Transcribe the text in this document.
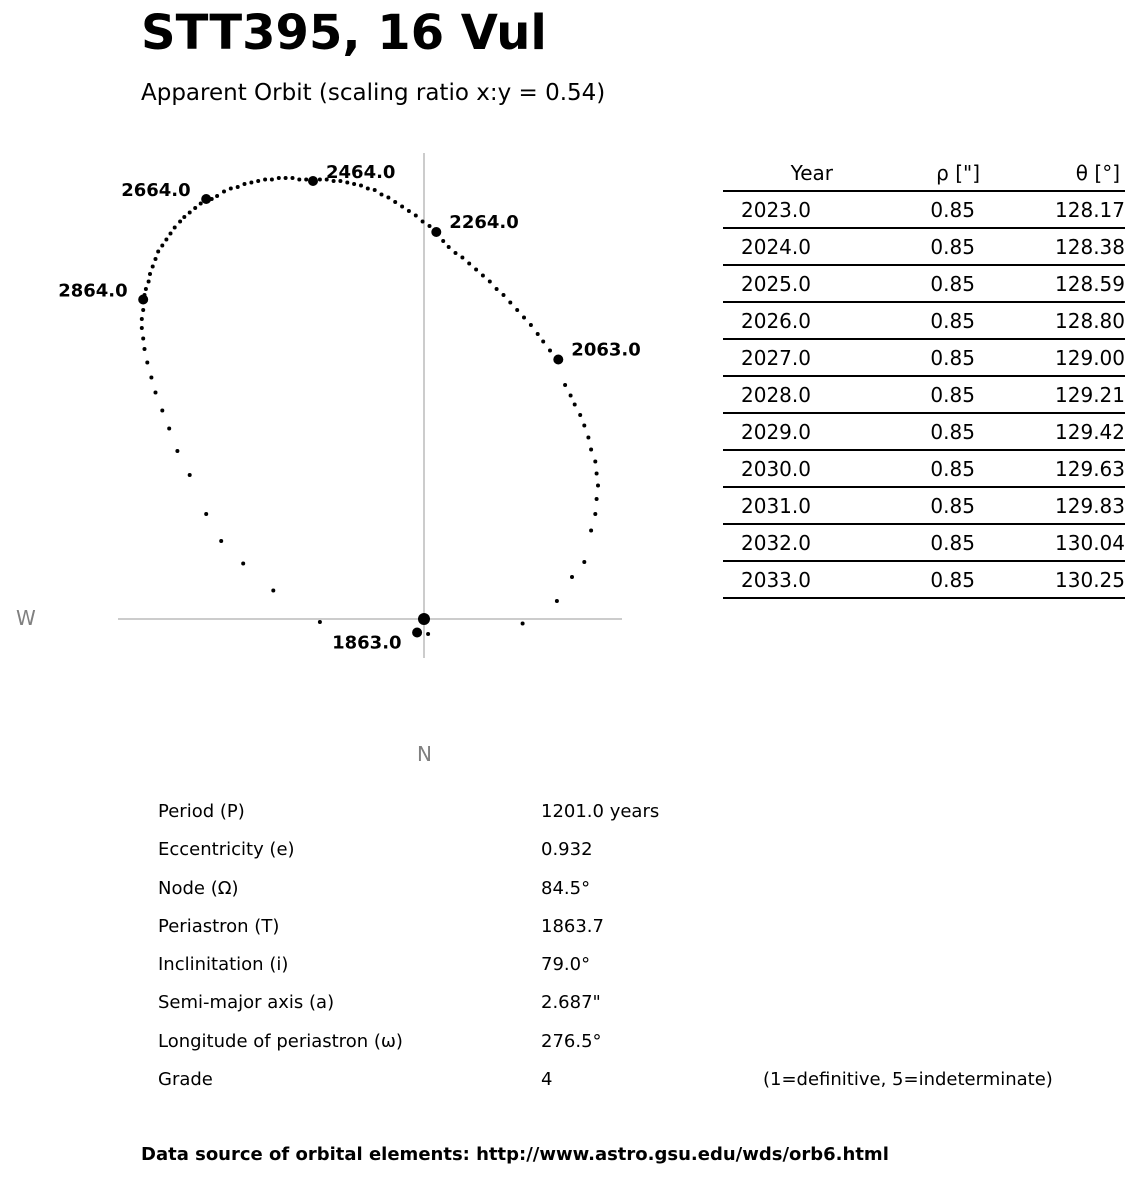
STT395, 16 Vul
Apparent Orbit (scaling ratio x:y = 0.54)
W
N
1863.0
2063.0
2264.0
2464.0
2664.0
2864.0
Year	ρ ["]	θ [°]
2023.0	0.85	128.17
2024.0	0.85	128.38
2025.0	0.85	128.59
2026.0	0.85	128.80
2027.0	0.85	129.00
2028.0	0.85	129.21
2029.0	0.85	129.42
2030.0	0.85	129.63
2031.0	0.85	129.83
2032.0	0.85	130.04
2033.0	0.85	130.25
Period (P)	1201.0 years
Eccentricity (e)	0.932
Node (Ω)	84.5°
Periastron (T)	1863.7
Inclinitation (i)	79.0°
Semi-major axis (a)	2.687"
Longitude of periastron (ω)	276.5°
Grade	4	(1=definitive, 5=indeterminate)
Data source of orbital elements: http://www.astro.gsu.edu/wds/orb6.html
